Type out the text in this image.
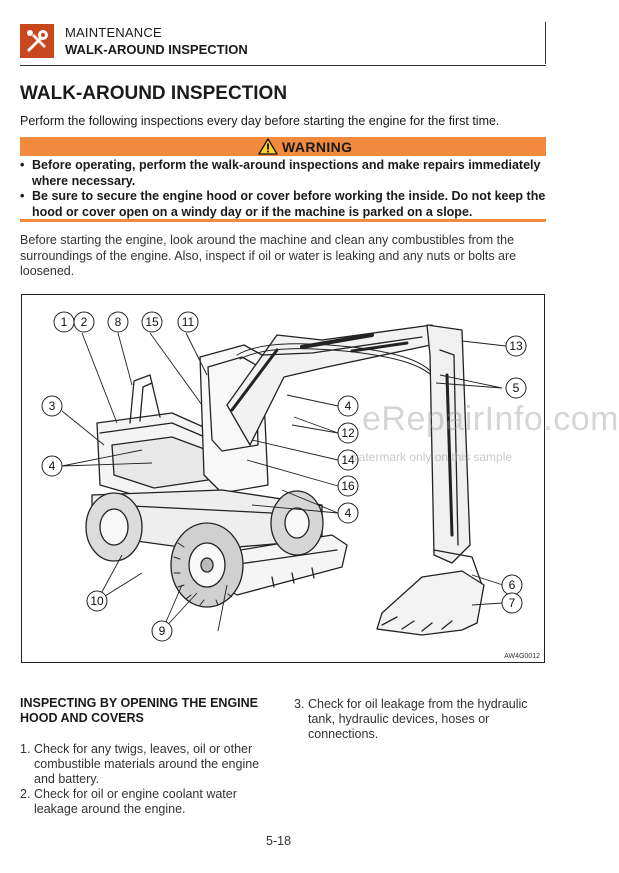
MAINTENANCE
WALK-AROUND INSPECTION
WALK-AROUND INSPECTION
Perform the following inspections every day before starting the engine for the first time.
WARNING
• Before operating, perform the walk-around inspections and make repairs immediately where necessary.
• Be sure to secure the engine hood or cover before working the inside. Do not keep the hood or cover open on a windy day or if the machine is parked on a slope.
Before starting the engine, look around the machine and clean any combustibles from the surroundings of the engine. Also, inspect if oil or water is leaking and any nuts or bolts are loosened.
1 2 8 15 11
13
5
3	4
12
4	14
16
4
6
7
10
9
AW4G0012
eRepairInfo.com
watermark only on this sample
INSPECTING BY OPENING THE ENGINE HOOD AND COVERS
1. Check for any twigs, leaves, oil or other combustible materials around the engine and battery.
2. Check for oil or engine coolant water leakage around the engine.
3. Check for oil leakage from the hydraulic tank, hydraulic devices, hoses or connections.
5-18
